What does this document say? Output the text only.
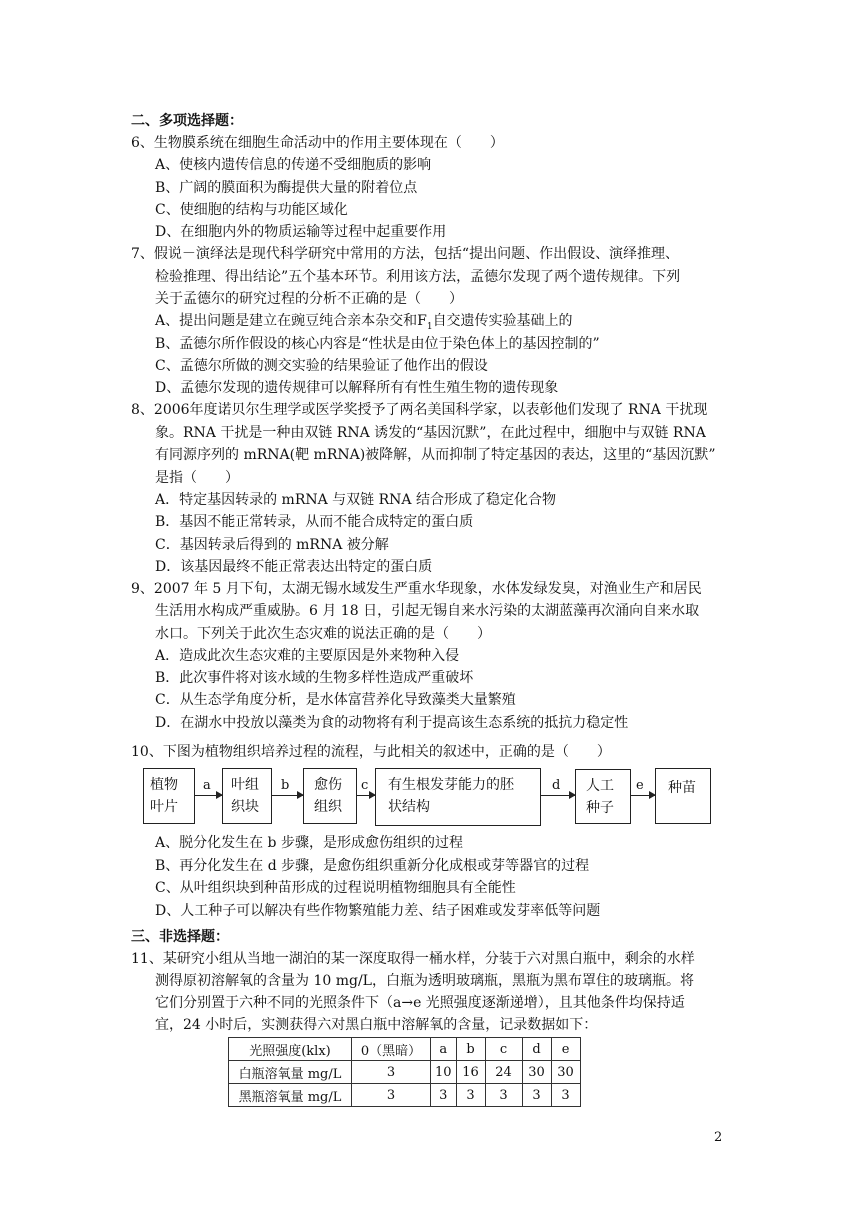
二、多项选择题：
6、生物膜系统在细胞生命活动中的作用主要体现在（　　）
A、使核内遗传信息的传递不受细胞质的影响
B、广阔的膜面积为酶提供大量的附着位点
C、使细胞的结构与功能区域化
D、在细胞内外的物质运输等过程中起重要作用
7、假说－演绎法是现代科学研究中常用的方法，包括“提出问题、作出假设、演绎推理、
检验推理、得出结论”五个基本环节。利用该方法，孟德尔发现了两个遗传规律。下列
关于孟德尔的研究过程的分析不正确的是（　　）
A、提出问题是建立在豌豆纯合亲本杂交和$F_1$自交遗传实验基础上的
B、孟德尔所作假设的核心内容是“性状是由位于染色体上的基因控制的”
C、孟德尔所做的测交实验的结果验证了他作出的假设
D、孟德尔发现的遗传规律可以解释所有有性生殖生物的遗传现象
8、2006年度诺贝尔生理学或医学奖授予了两名美国科学家，以表彰他们发现了 RNA 干扰现
象。RNA 干扰是一种由双链 RNA 诱发的“基因沉默”，在此过程中，细胞中与双链 RNA
有同源序列的 mRNA(靶 mRNA)被降解，从而抑制了特定基因的表达，这里的“基因沉默”
是指（　　）
A．特定基因转录的 mRNA 与双链 RNA 结合形成了稳定化合物
B．基因不能正常转录，从而不能合成特定的蛋白质
C．基因转录后得到的 mRNA 被分解
D．该基因最终不能正常表达出特定的蛋白质
9、2007 年 5 月下旬，太湖无锡水域发生严重水华现象，水体发绿发臭，对渔业生产和居民
生活用水构成严重威胁。6 月 18 日，引起无锡自来水污染的太湖蓝藻再次涌向自来水取
水口。下列关于此次生态灾难的说法正确的是（　　）
A．造成此次生态灾难的主要原因是外来物种入侵
B．此次事件将对该水域的生物多样性造成严重破坏
C．从生态学角度分析，是水体富营养化导致藻类大量繁殖
D．在湖水中投放以藻类为食的动物将有利于提高该生态系统的抵抗力稳定性
10、下图为植物组织培养过程的流程，与此相关的叙述中，正确的是（　　）
植物
叶片
a 叶组
织块
b 愈伤
组织
c 有生根发芽能力的胚
状结构
d 人工
种子
e 种苗
A、脱分化发生在 b 步骤，是形成愈伤组织的过程
B、再分化发生在 d 步骤，是愈伤组织重新分化成根或芽等器官的过程
C、从叶组织块到种苗形成的过程说明植物细胞具有全能性
D、人工种子可以解决有些作物繁殖能力差、结子困难或发芽率低等问题
三、非选择题：
11、某研究小组从当地一湖泊的某一深度取得一桶水样，分装于六对黑白瓶中，剩余的水样
测得原初溶解氧的含量为 10 mg/L，白瓶为透明玻璃瓶，黑瓶为黑布罩住的玻璃瓶。将
它们分别置于六种不同的光照条件下（a→e 光照强度逐渐递增），且其他条件均保持适
宜，24 小时后，实测获得六对黑白瓶中溶解氧的含量，记录数据如下：
光照强度(klx)	0（黑暗）	a	b	c	d	e
白瓶溶氧量 mg/L	3	10	16	24	30	30
黑瓶溶氧量 mg/L	3	3	3	3	3	3
2
